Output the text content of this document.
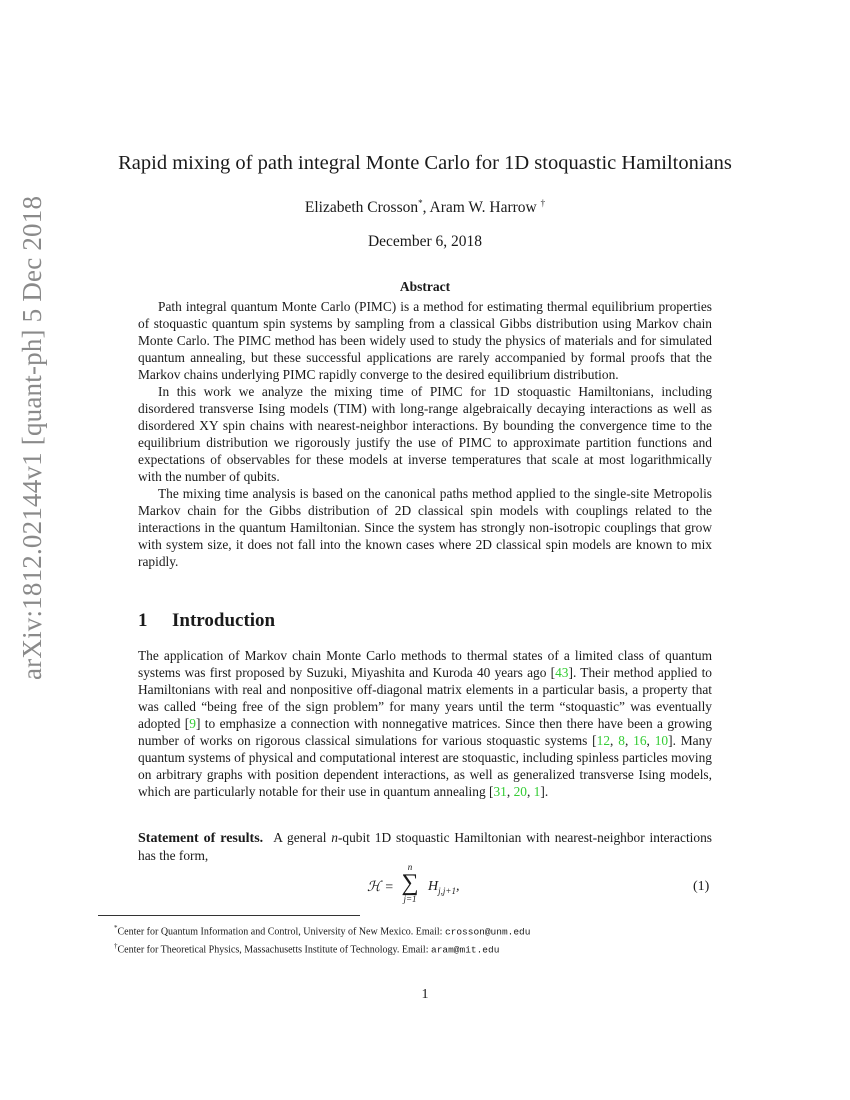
arXiv:1812.02144v1 [quant-ph] 5 Dec 2018
Rapid mixing of path integral Monte Carlo for 1D stoquastic Hamiltonians
Elizabeth Crosson*, Aram W. Harrow †
December 6, 2018
Abstract

Path integral quantum Monte Carlo (PIMC) is a method for estimating thermal equilibrium properties of stoquastic quantum spin systems by sampling from a classical Gibbs distribution using Markov chain Monte Carlo. The PIMC method has been widely used to study the physics of materials and for simulated quantum annealing, but these successful applications are rarely accompanied by formal proofs that the Markov chains underlying PIMC rapidly converge to the desired equilibrium distribution.

In this work we analyze the mixing time of PIMC for 1D stoquastic Hamiltonians, including disordered transverse Ising models (TIM) with long-range algebraically decaying interactions as well as disordered XY spin chains with nearest-neighbor interactions. By bounding the convergence time to the equilibrium distribution we rigorously justify the use of PIMC to approximate partition functions and expectations of observables for these models at inverse temperatures that scale at most logarithmically with the number of qubits.

The mixing time analysis is based on the canonical paths method applied to the single-site Metropolis Markov chain for the Gibbs distribution of 2D classical spin models with couplings related to the interactions in the quantum Hamiltonian. Since the system has strongly non-isotropic couplings that grow with system size, it does not fall into the known cases where 2D classical spin models are known to mix rapidly.

1 Introduction

The application of Markov chain Monte Carlo methods to thermal states of a limited class of quantum systems was first proposed by Suzuki, Miyashita and Kuroda 40 years ago [43]. Their method applied to Hamiltonians with real and nonpositive off-diagonal matrix elements in a particular basis, a property that was called “being free of the sign problem” for many years until the term “stoquastic” was eventually adopted [9] to emphasize a connection with nonnegative matrices. Since then there have been a growing number of works on rigorous classical simulations for various stoquastic systems [12, 8, 16, 10]. Many quantum systems of physical and computational interest are stoquastic, including spinless particles moving on arbitrary graphs with position dependent interactions, as well as generalized transverse Ising models, which are particularly notable for their use in quantum annealing [31, 20, 1].

Statement of results. A general n-qubit 1D stoquastic Hamiltonian with nearest-neighbor interactions has the form,
ℋ =
n
∑
j=1
$H_{j,j+1}$,	(1)

*Center for Quantum Information and Control, University of New Mexico. Email: crosson@unm.edu

†Center for Theoretical Physics, Massachusetts Institute of Technology. Email: aram@mit.edu

1
